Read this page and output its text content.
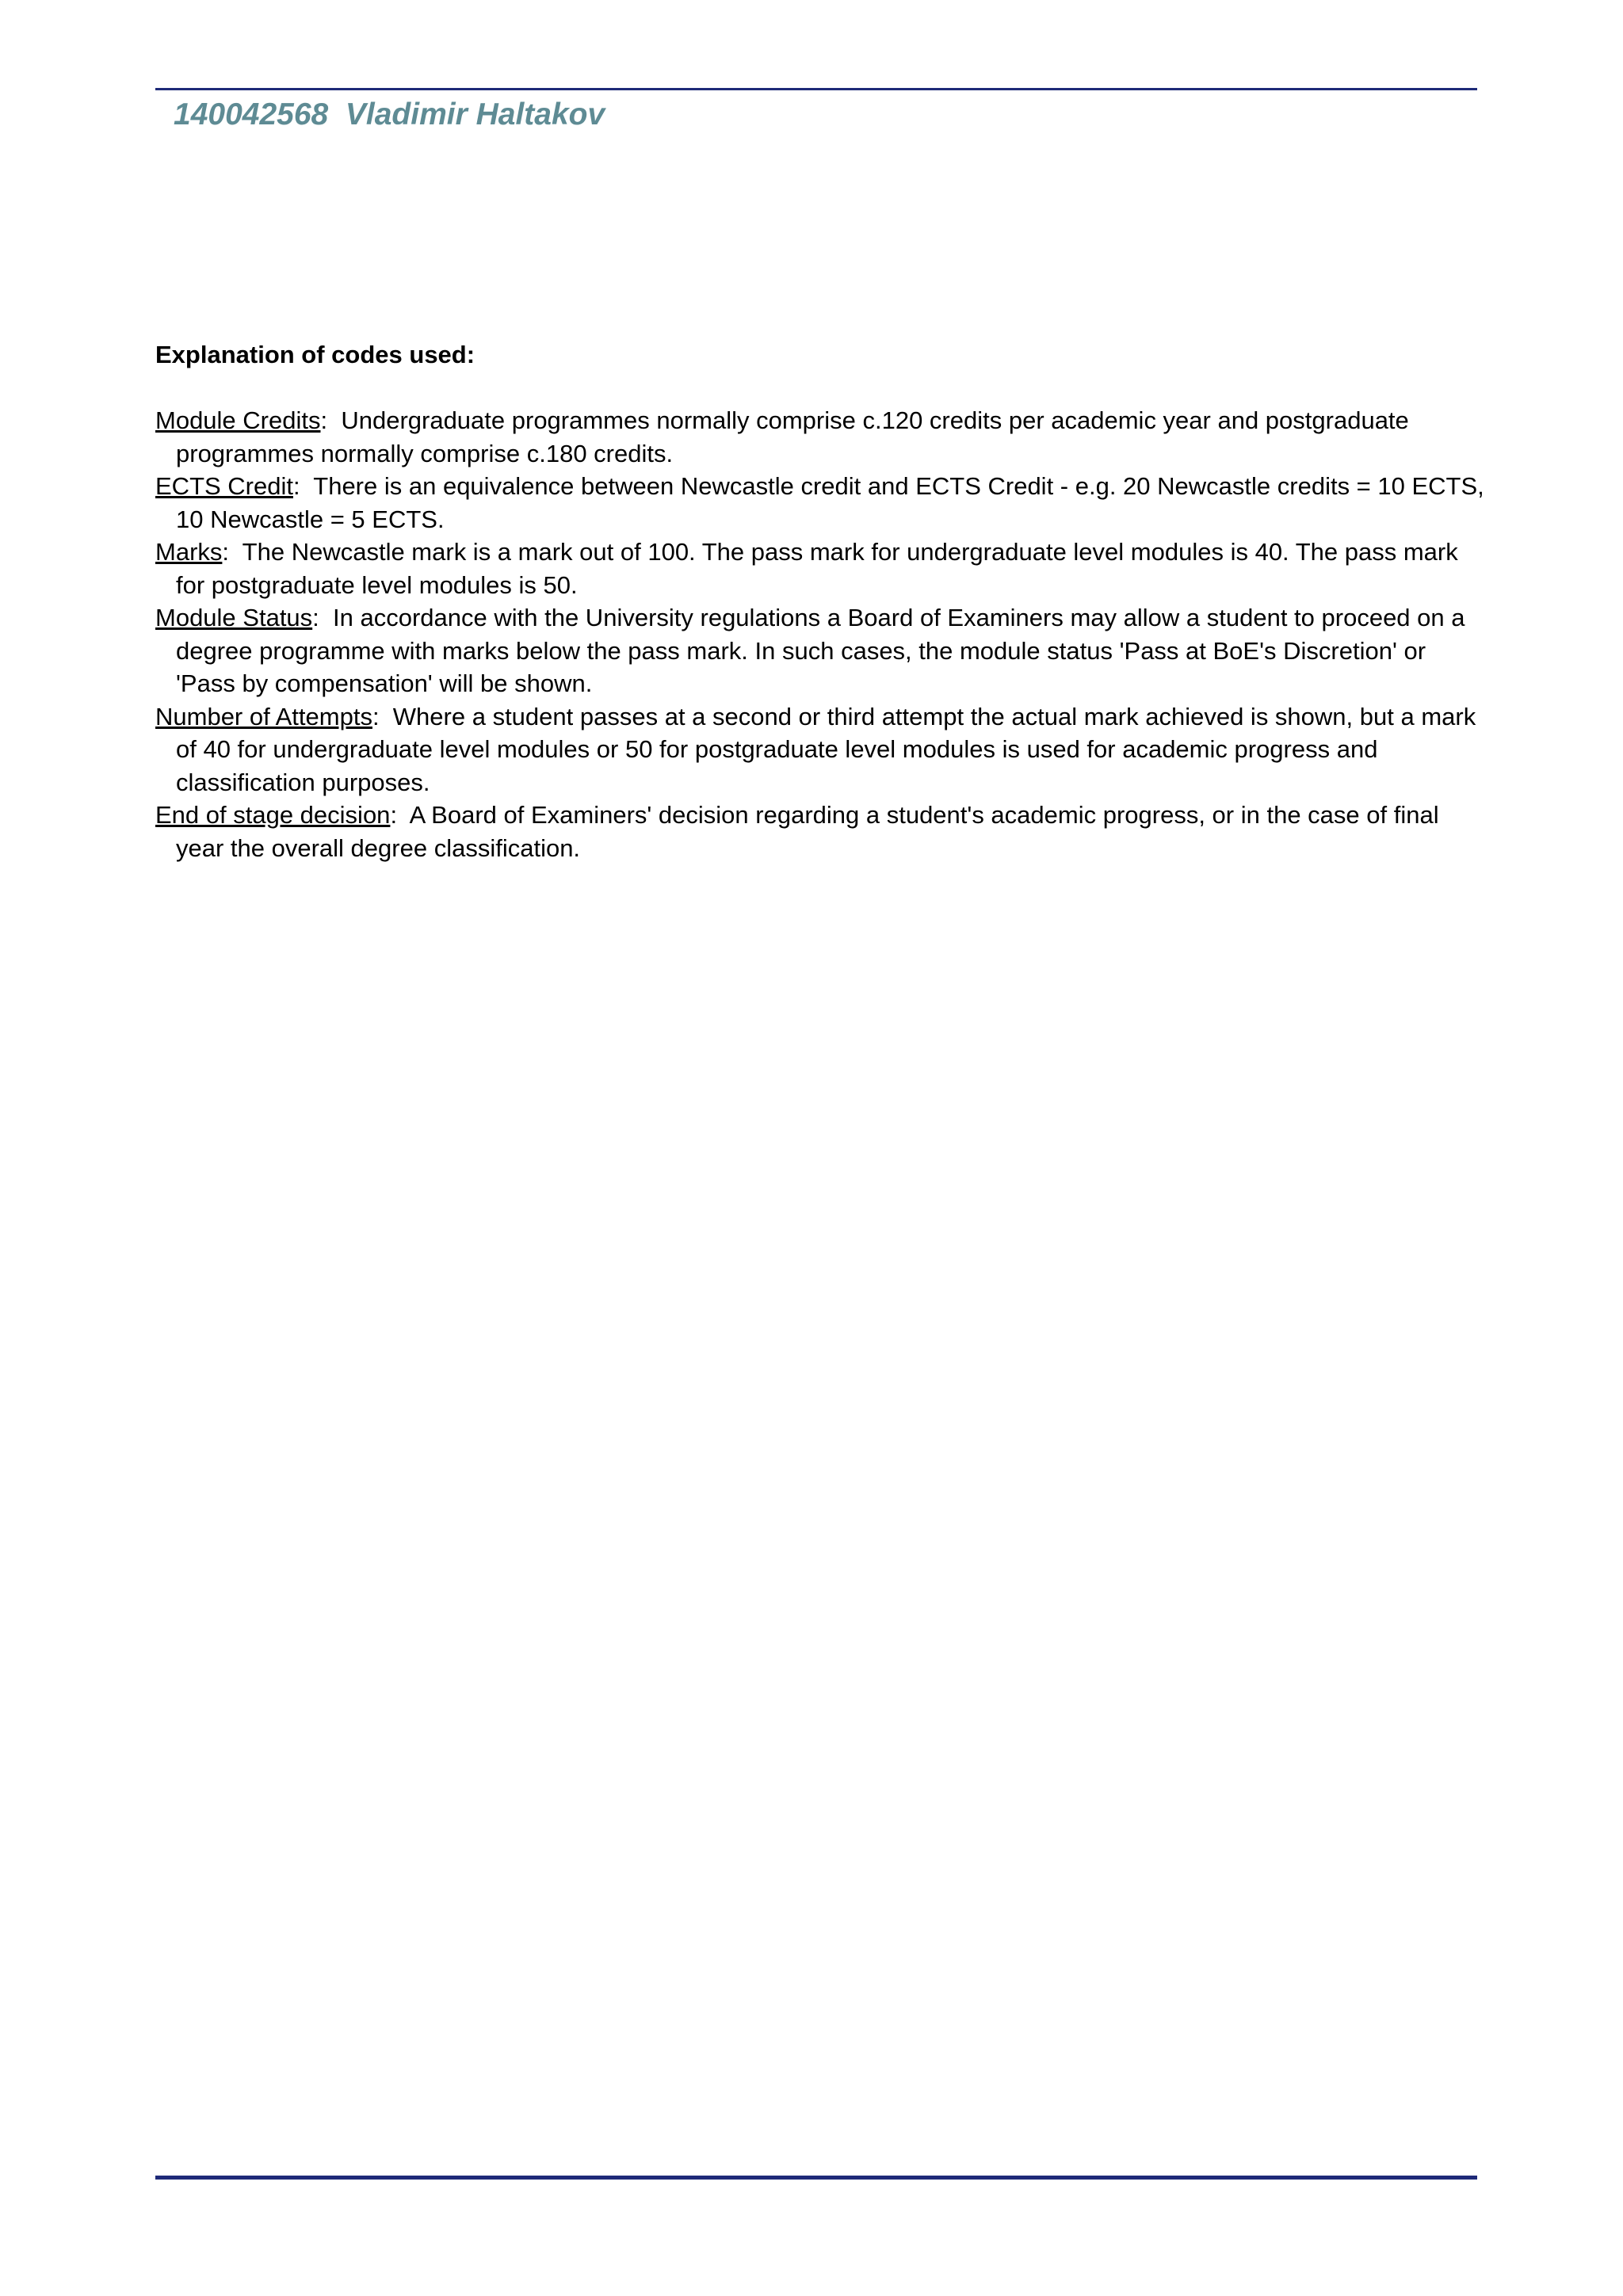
140042568  Vladimir Haltakov
Explanation of codes used:
Module Credits:  Undergraduate programmes normally comprise c.120 credits per academic year and postgraduate programmes normally comprise c.180 credits.
ECTS Credit:  There is an equivalence between Newcastle credit and ECTS Credit - e.g. 20 Newcastle credits = 10 ECTS, 10 Newcastle = 5 ECTS.
Marks:  The Newcastle mark is a mark out of 100. The pass mark for undergraduate level modules is 40. The pass mark for postgraduate level modules is 50.
Module Status:  In accordance with the University regulations a Board of Examiners may allow a student to proceed on a degree programme with marks below the pass mark. In such cases, the module status 'Pass at BoE's Discretion' or 'Pass by compensation' will be shown.
Number of Attempts:  Where a student passes at a second or third attempt the actual mark achieved is shown, but a mark of 40 for undergraduate level modules or 50 for postgraduate level modules is used for academic progress and classification purposes.
End of stage decision:  A Board of Examiners' decision regarding a student's academic progress, or in the case of final year the overall degree classification.
